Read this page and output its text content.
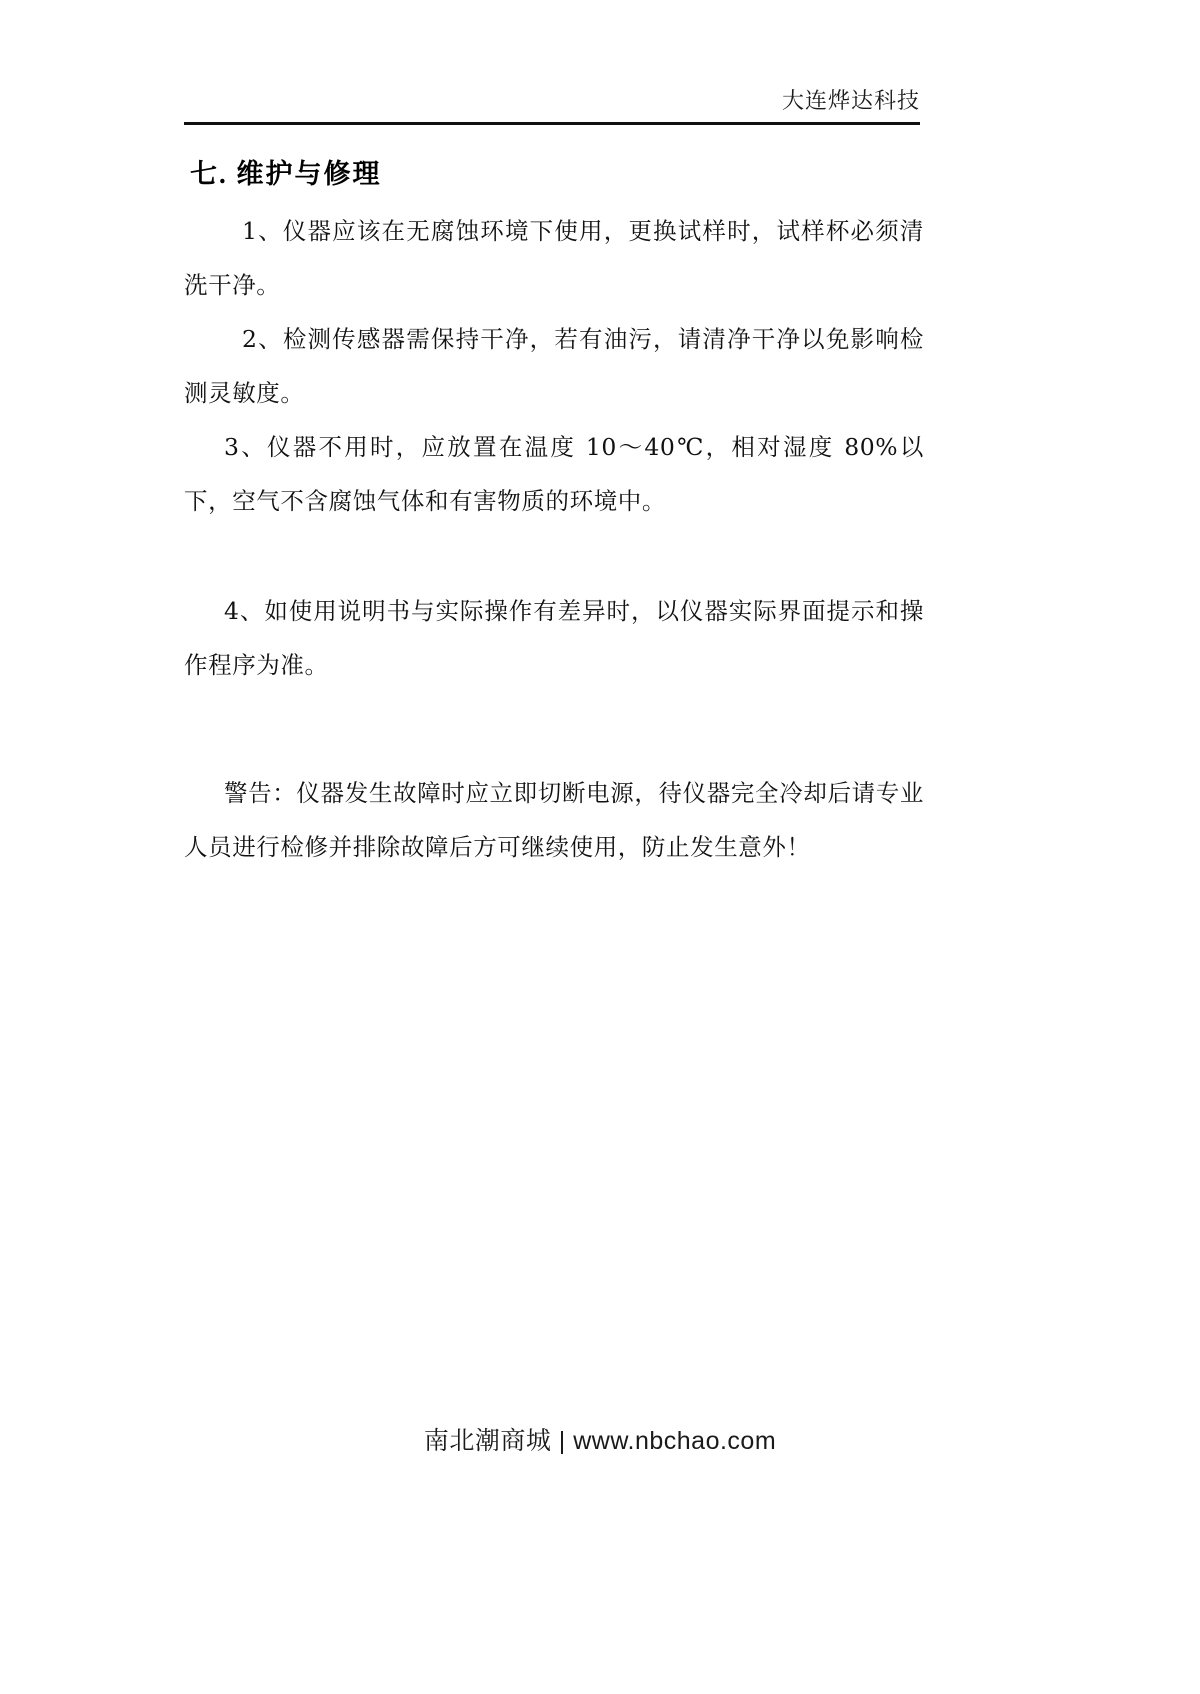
大连烨达科技
七. 维护与修理

1、仪器应该在无腐蚀环境下使用，更换试样时，试样杯必须清洗干净。

2、检测传感器需保持干净，若有油污，请清净干净以免影响检测灵敏度。

3、仪器不用时，应放置在温度 10～40℃，相对湿度 80%以下，空气不含腐蚀气体和有害物质的环境中。

4、如使用说明书与实际操作有差异时，以仪器实际界面提示和操作程序为准。

警告：仪器发生故障时应立即切断电源，待仪器完全冷却后请专业人员进行检修并排除故障后方可继续使用，防止发生意外！

南北潮商城 | www.nbchao.com
